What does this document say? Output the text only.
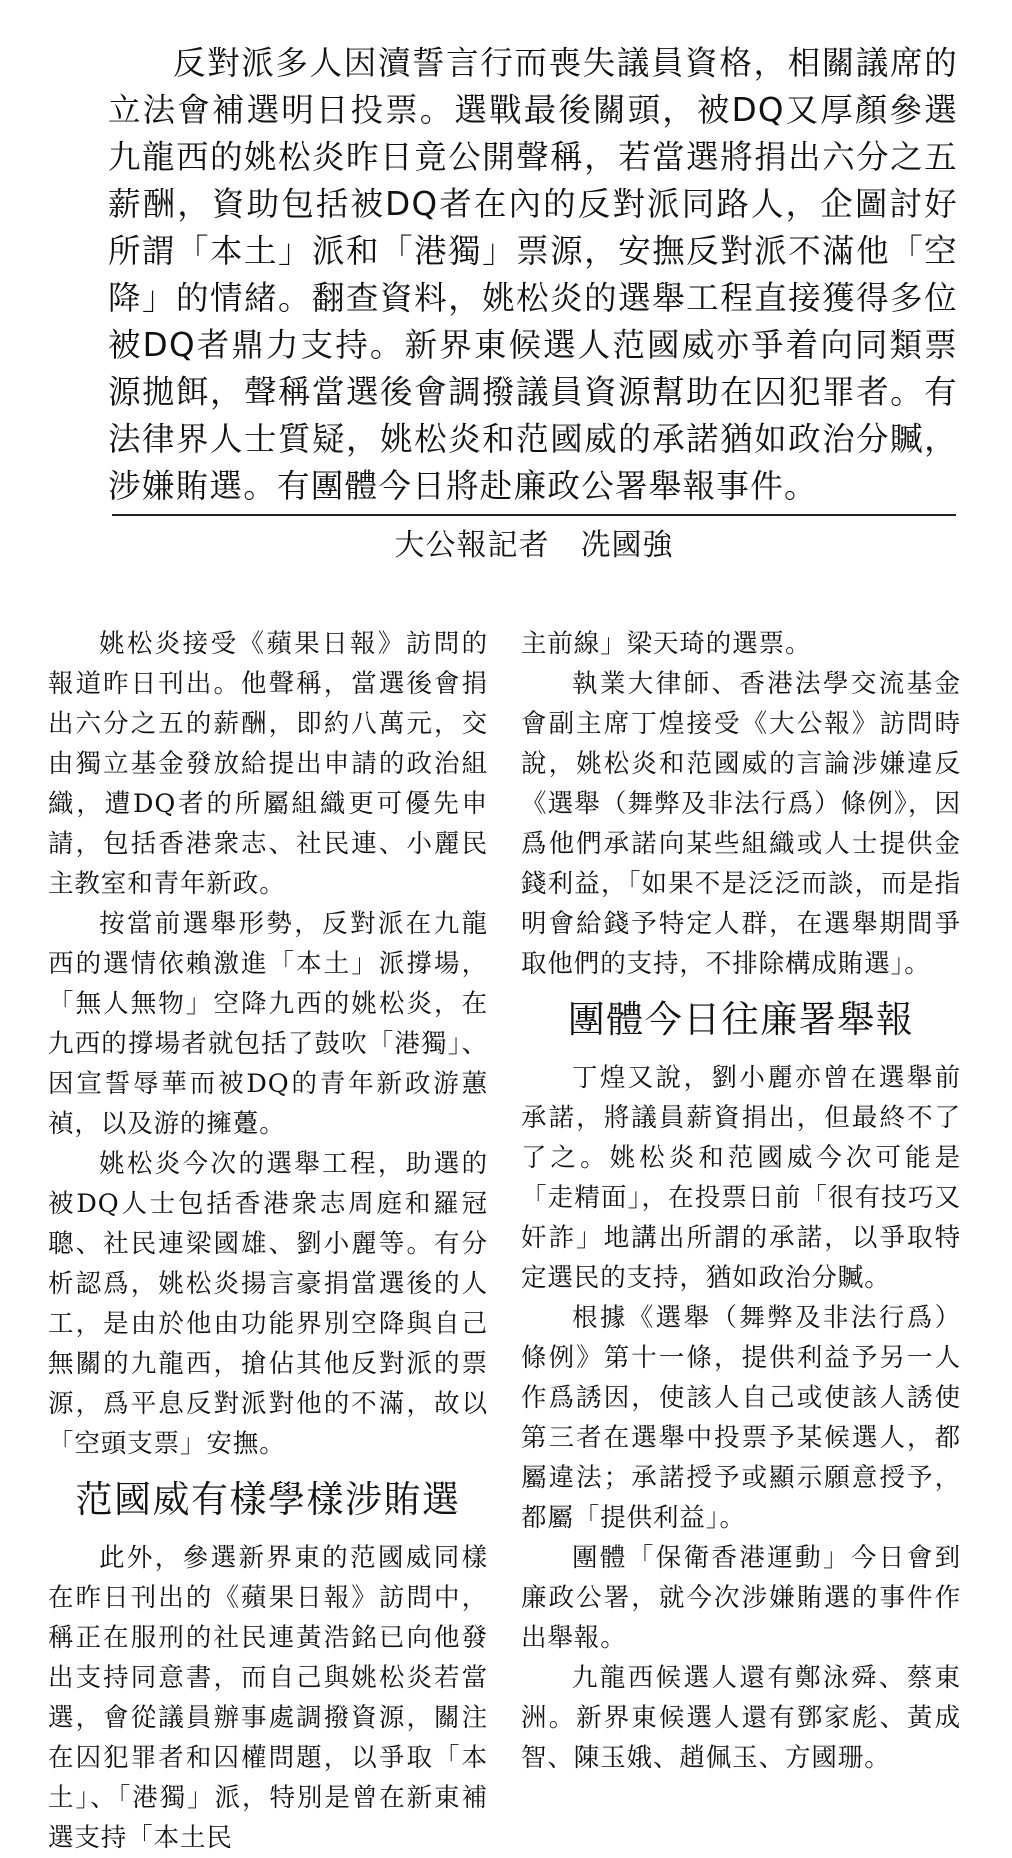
反對派多人因瀆誓言行而喪失議員資格，相關議席的立法會補選明日投票。選戰最後關頭，被DQ又厚顏參選九龍西的姚松炎昨日竟公開聲稱，若當選將捐出六分之五薪酬，資助包括被DQ者在內的反對派同路人，企圖討好所謂「本土」派和「港獨」票源，安撫反對派不滿他「空降」的情緒。翻查資料，姚松炎的選舉工程直接獲得多位被DQ者鼎力支持。新界東候選人范國威亦爭着向同類票源拋餌，聲稱當選後會調撥議員資源幫助在囚犯罪者。有法律界人士質疑，姚松炎和范國威的承諾猶如政治分贓，涉嫌賄選。有團體今日將赴廉政公署舉報事件。

大公報記者　冼國強

姚松炎接受《蘋果日報》訪問的報道昨日刊出。他聲稱，當選後會捐出六分之五的薪酬，即約八萬元，交由獨立基金發放給提出申請的政治組織，遭DQ者的所屬組織更可優先申請，包括香港衆志、社民連、小麗民主教室和青年新政。

按當前選舉形勢，反對派在九龍西的選情依賴激進「本土」派撐場，「無人無物」空降九西的姚松炎，在九西的撐場者就包括了鼓吹「港獨」、因宣誓辱華而被DQ的青年新政游蕙禎，以及游的擁躉。

姚松炎今次的選舉工程，助選的被DQ人士包括香港衆志周庭和羅冠聰、社民連梁國雄、劉小麗等。有分析認爲，姚松炎揚言豪捐當選後的人工，是由於他由功能界別空降與自己無關的九龍西，搶佔其他反對派的票源，爲平息反對派對他的不滿，故以「空頭支票」安撫。

范國威有樣學樣涉賄選

此外，參選新界東的范國威同樣在昨日刊出的《蘋果日報》訪問中，稱正在服刑的社民連黃浩銘已向他發出支持同意書，而自己與姚松炎若當選，會從議員辦事處調撥資源，關注在囚犯罪者和囚權問題，以爭取「本土」、「港獨」派，特別是曾在新東補選支持「本土民

主前線」梁天琦的選票。

執業大律師、香港法學交流基金會副主席丁煌接受《大公報》訪問時說，姚松炎和范國威的言論涉嫌違反《選舉（舞弊及非法行爲）條例》，因爲他們承諾向某些組織或人士提供金錢利益，「如果不是泛泛而談，而是指明會給錢予特定人群，在選舉期間爭取他們的支持，不排除構成賄選」。

團體今日往廉署舉報

丁煌又說，劉小麗亦曾在選舉前承諾，將議員薪資捐出，但最終不了了之。姚松炎和范國威今次可能是「走精面」，在投票日前「很有技巧又奸詐」地講出所謂的承諾，以爭取特定選民的支持，猶如政治分贓。

根據《選舉（舞弊及非法行爲）條例》第十一條，提供利益予另一人作爲誘因，使該人自己或使該人誘使第三者在選舉中投票予某候選人，都屬違法；承諾授予或顯示願意授予，都屬「提供利益」。

團體「保衛香港運動」今日會到廉政公署，就今次涉嫌賄選的事件作出舉報。

九龍西候選人還有鄭泳舜、蔡東洲。新界東候選人還有鄧家彪、黃成智、陳玉娥、趙佩玉、方國珊。
